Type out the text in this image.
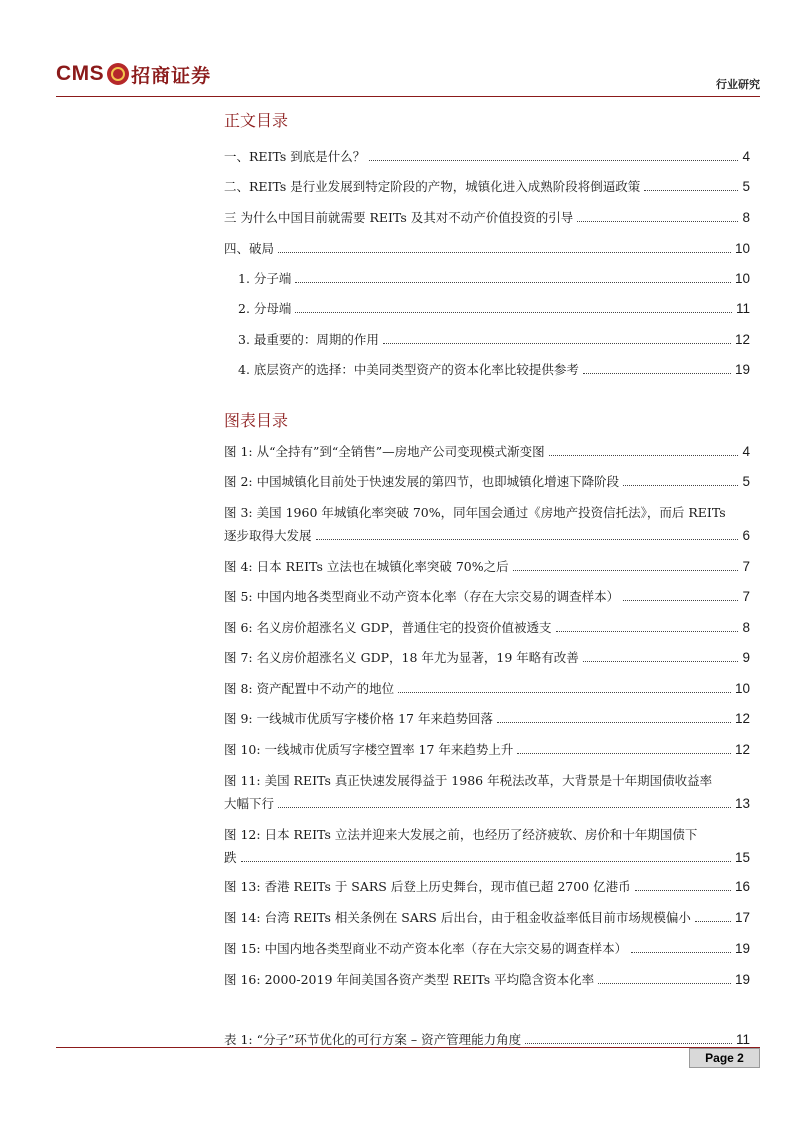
CMS 招商证券	行业研究
正文目录
一、REITs 到底是什么？	4
二、REITs 是行业发展到特定阶段的产物，城镇化进入成熟阶段将倒逼政策	5
三 为什么中国目前就需要 REITs 及其对不动产价值投资的引导	8
四、破局	10
1. 分子端	10
2. 分母端	11
3. 最重要的：周期的作用	12
4. 底层资产的选择：中美同类型资产的资本化率比较提供参考	19
图表目录
图 1: 从“全持有”到“全销售”—房地产公司变现模式渐变图	4
图 2: 中国城镇化目前处于快速发展的第四节，也即城镇化增速下降阶段	5
图 3: 美国 1960 年城镇化率突破 70%，同年国会通过《房地产投资信托法》，而后 REITs
逐步取得大发展	6
图 4: 日本 REITs 立法也在城镇化率突破 70%之后	7
图 5: 中国内地各类型商业不动产资本化率（存在大宗交易的调查样本）	7
图 6: 名义房价超涨名义 GDP，普通住宅的投资价值被透支	8
图 7: 名义房价超涨名义 GDP，18 年尤为显著，19 年略有改善	9
图 8: 资产配置中不动产的地位	10
图 9: 一线城市优质写字楼价格 17 年来趋势回落	12
图 10: 一线城市优质写字楼空置率 17 年来趋势上升	12
图 11: 美国 REITs 真正快速发展得益于 1986 年税法改革，大背景是十年期国债收益率
大幅下行	13
图 12: 日本 REITs 立法并迎来大发展之前，也经历了经济疲软、房价和十年期国债下
跌	15
图 13: 香港 REITs 于 SARS 后登上历史舞台，现市值已超 2700 亿港币	16
图 14: 台湾 REITs 相关条例在 SARS 后出台，由于租金收益率低目前市场规模偏小	17
图 15: 中国内地各类型商业不动产资本化率（存在大宗交易的调查样本）	19
图 16: 2000-2019 年间美国各资产类型 REITs 平均隐含资本化率	19
表 1: “分子”环节优化的可行方案 – 资产管理能力角度	11
Page 2
